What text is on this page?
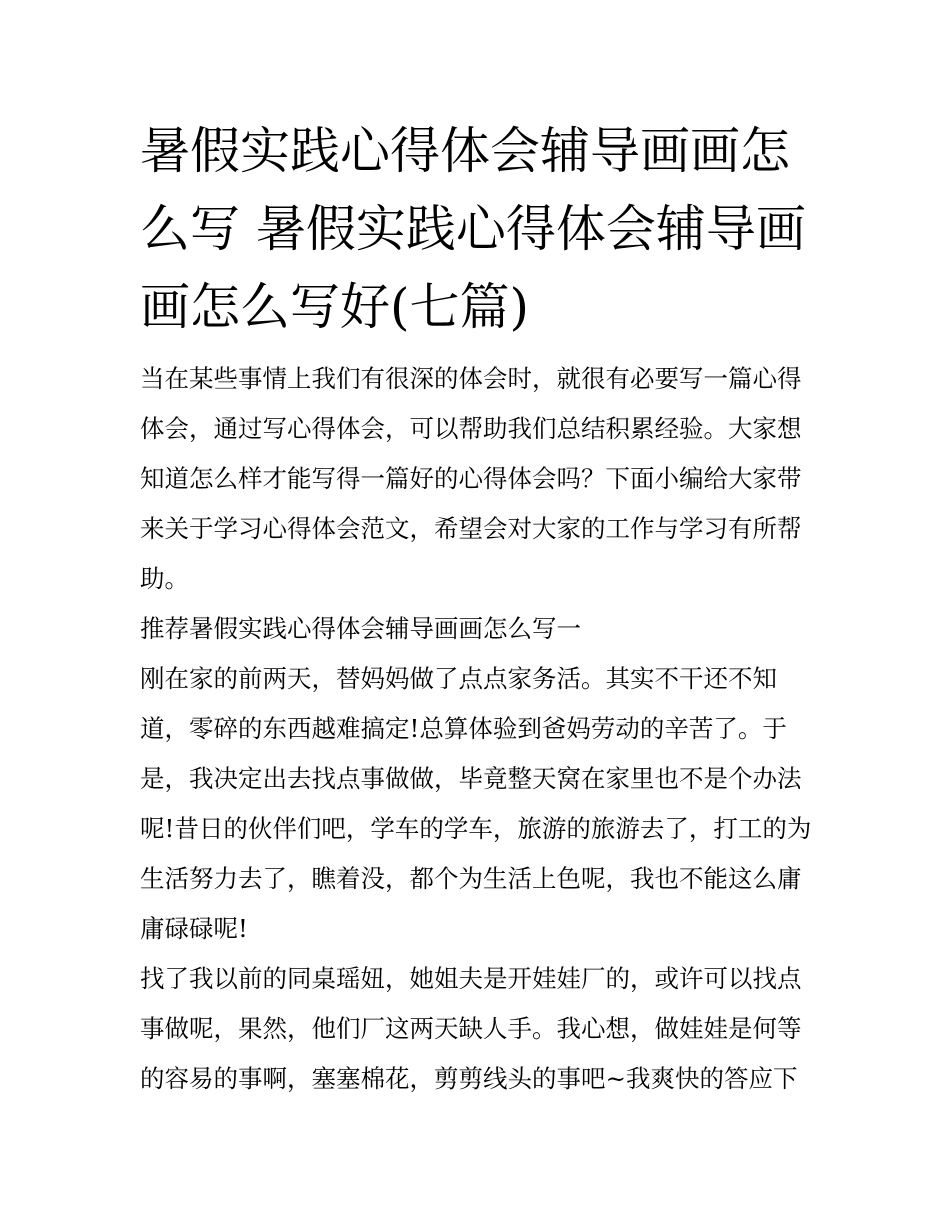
暑假实践心得体会辅导画画怎么写 暑假实践心得体会辅导画画怎么写好(七篇)

当在某些事情上我们有很深的体会时，就很有必要写一篇心得体会，通过写心得体会，可以帮助我们总结积累经验。大家想知道怎么样才能写得一篇好的心得体会吗？下面小编给大家带来关于学习心得体会范文，希望会对大家的工作与学习有所帮助。

推荐暑假实践心得体会辅导画画怎么写一

刚在家的前两天，替妈妈做了点点家务活。其实不干还不知道，零碎的东西越难搞定!总算体验到爸妈劳动的辛苦了。于是，我决定出去找点事做做，毕竟整天窝在家里也不是个办法呢!昔日的伙伴们吧，学车的学车，旅游的旅游去了，打工的为生活努力去了，瞧着没，都个为生活上色呢，我也不能这么庸庸碌碌呢!

找了我以前的同桌瑶妞，她姐夫是开娃娃厂的，或许可以找点事做呢，果然，他们厂这两天缺人手。我心想，做娃娃是何等的容易的事啊，塞塞棉花，剪剪线头的事吧~我爽快的答应下
